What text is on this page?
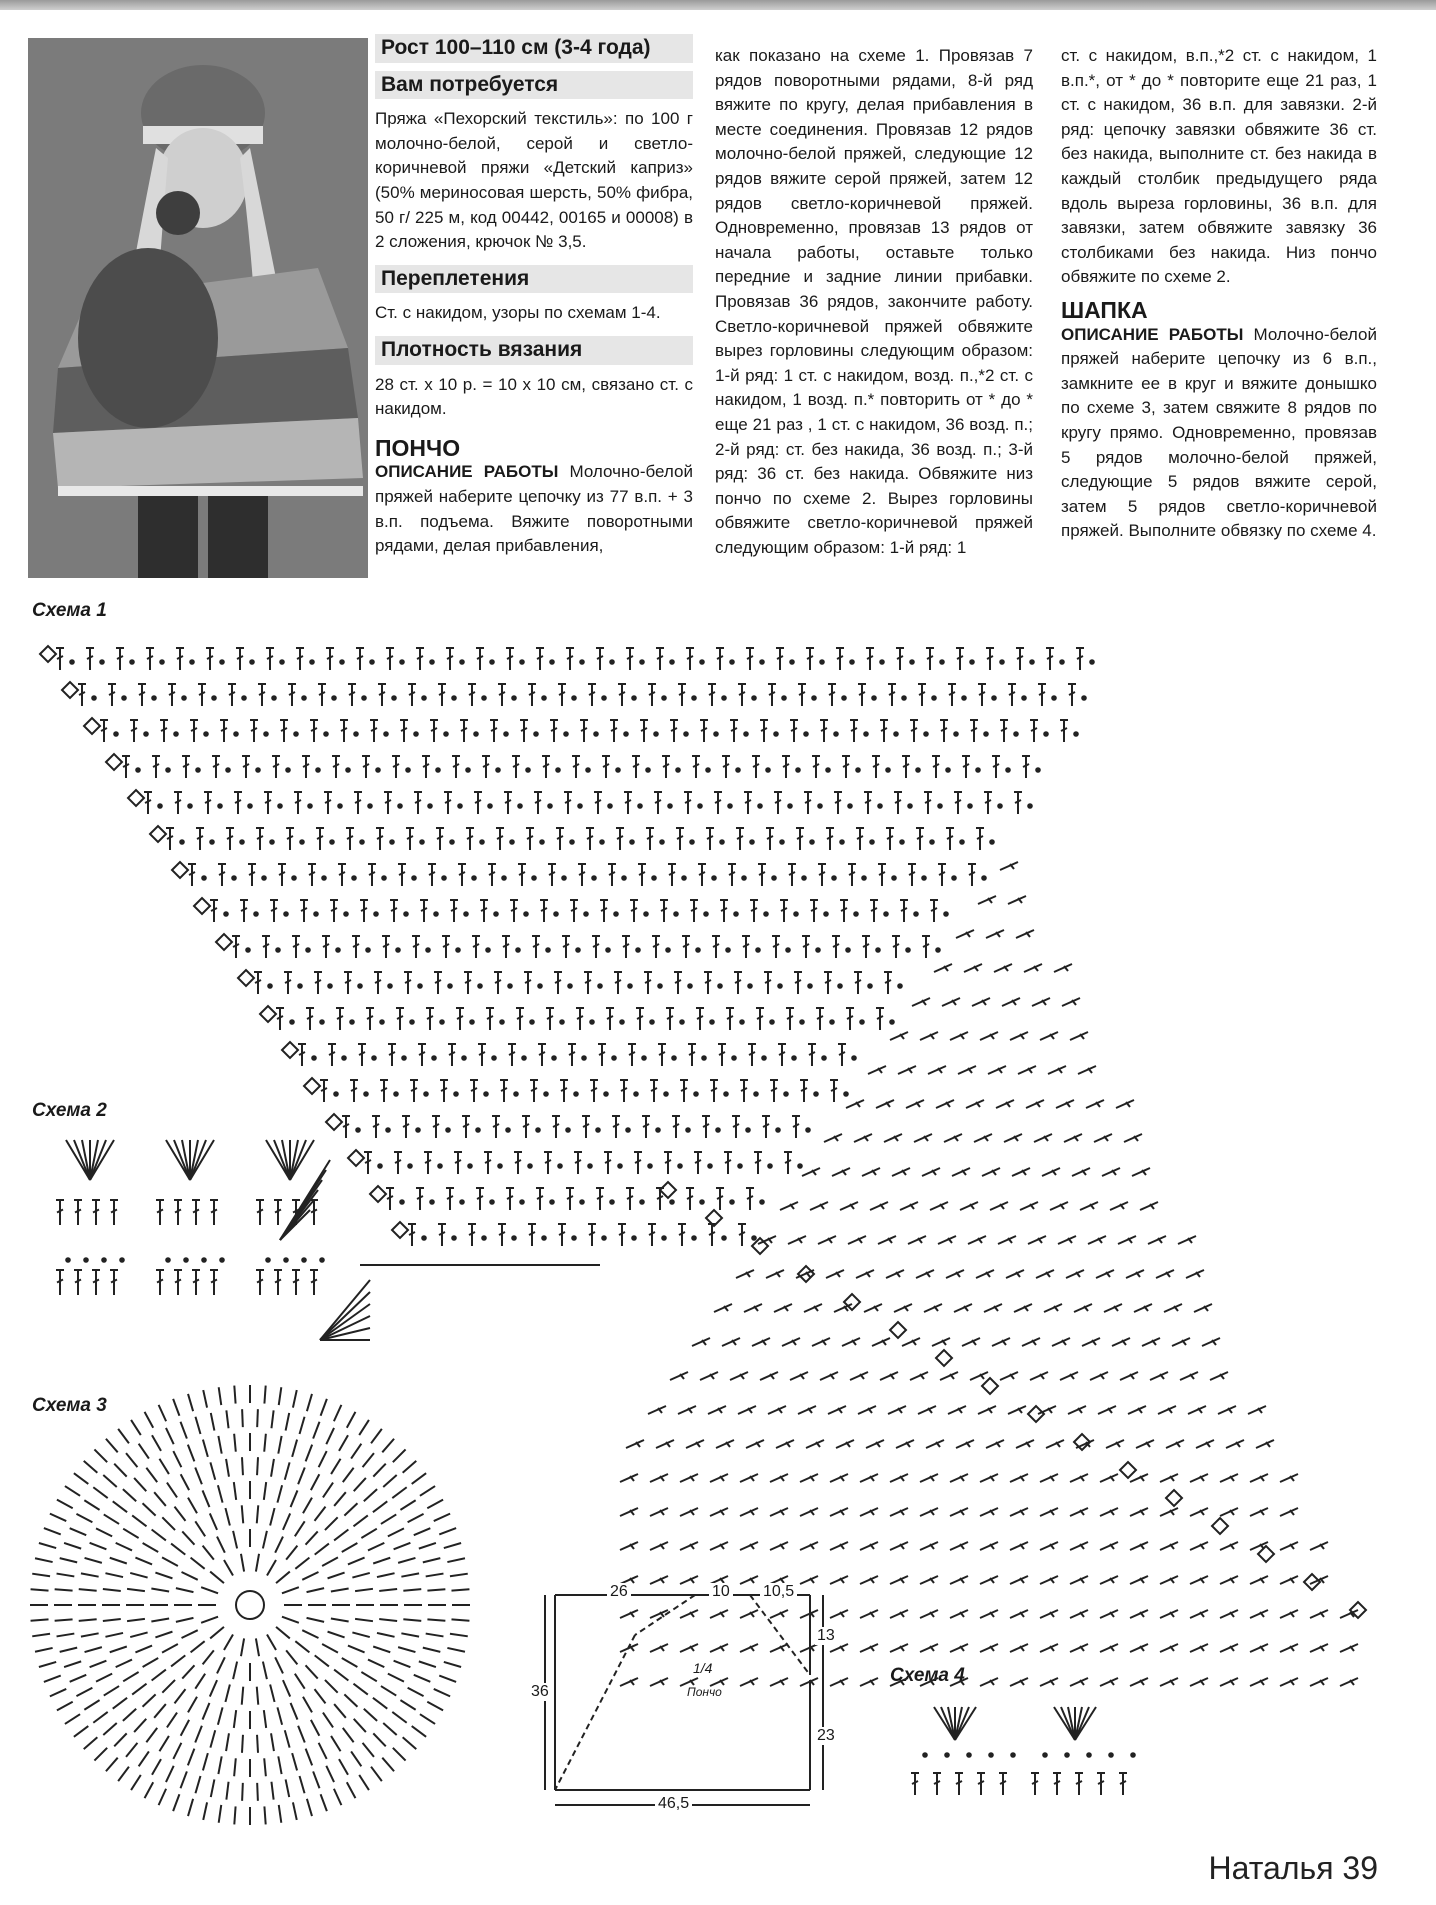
Рост 100–110 см (3-4 года)
Вам потребуется

Пряжа «Пехорский текстиль»: по 100 г молочно-белой, серой и светло-коричневой пряжи «Детский каприз» (50% мериносовая шерсть, 50% фибра, 50 г/ 225 м, код 00442, 00165 и 00008) в 2 сложения, крючок № 3,5.

Переплетения

Ст. с накидом, узоры по схемам 1-4.

Плотность вязания

28 ст. х 10 р. = 10 х 10 см, связано ст. с накидом.

ПОНЧО

ОПИСАНИЕ РАБОТЫ Молочно-белой пряжей наберите цепочку из 77 в.п. + 3 в.п. подъема. Вяжите поворотными рядами, делая прибавления,

как показано на схеме 1. Провязав 7 рядов поворотными рядами, 8-й ряд вяжите по кругу, делая прибавления в месте соединения. Провязав 12 рядов молочно-белой пряжей, следующие 12 рядов вяжите серой пряжей, затем 12 рядов светло-коричневой пряжей. Одновременно, провязав 13 рядов от начала работы, оставьте только передние и задние линии прибавки. Провязав 36 рядов, закончите работу. Светло-коричневой пряжей обвяжите вырез горловины следующим образом: 1-й ряд: 1 ст. с накидом, возд. п.,*2 ст. с накидом, 1 возд. п.* повторить от * до * еще 21 раз , 1 ст. с накидом, 36 возд. п.; 2-й ряд: ст. без накида, 36 возд. п.; 3-й ряд: 36 ст. без накида. Обвяжите низ пончо по схеме 2. Вырез горловины обвяжите светло-коричневой пряжей следующим образом: 1-й ряд: 1

ст. с накидом, в.п.,*2 ст. с накидом, 1 в.п.*, от * до * повторите еще 21 раз, 1 ст. с накидом, 36 в.п. для завязки. 2-й ряд: цепочку завязки обвяжите 36 ст. без накида, выполните ст. без накида в каждый столбик предыдущего ряда вдоль выреза горловины, 36 в.п. для завязки, затем обвяжите завязку 36 столбиками без накида. Низ пончо обвяжите по схеме 2.

ШАПКА

ОПИСАНИЕ РАБОТЫ Молочно-белой пряжей наберите цепочку из 6 в.п., замкните ее в круг и вяжите донышко по схеме 3, затем свяжите 8 рядов по кругу прямо. Одновременно, провязав 5 рядов молочно-белой пряжей, следующие 5 рядов вяжите серой, затем 5 рядов светло-коричневой пряжей. Выполните обвязку по схеме 4.

Схема 1
Схема 2
Схема 3
Схема 4
26	10 10,5
13
36
23
46,5
1/4
Пончо
Наталья 39
